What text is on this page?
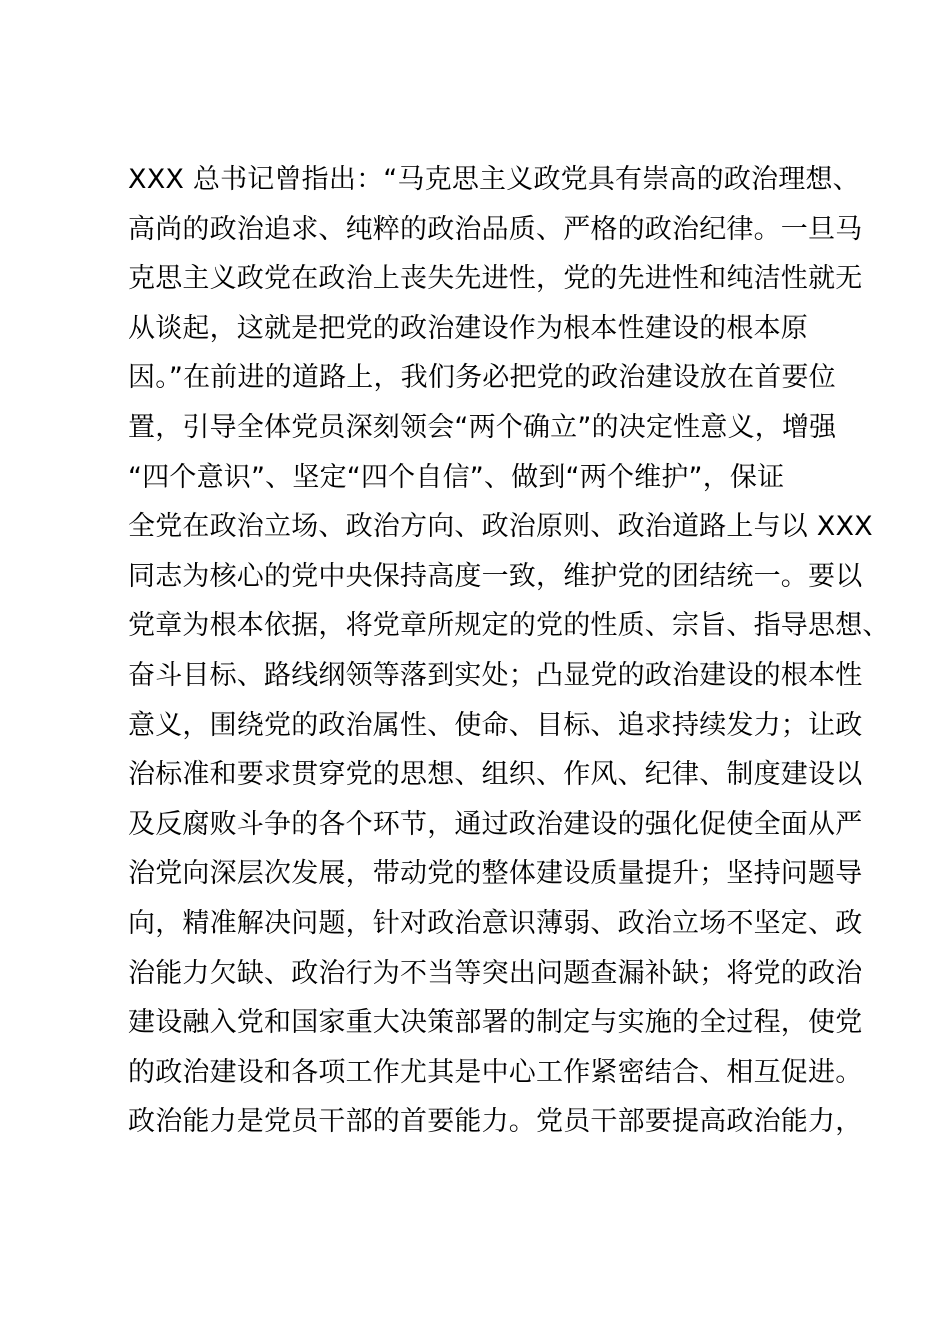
XXX 总书记曾指出：“马克思主义政党具有崇高的政治理想、
高尚的政治追求、纯粹的政治品质、严格的政治纪律。一旦马
克思主义政党在政治上丧失先进性，党的先进性和纯洁性就无
从谈起，这就是把党的政治建设作为根本性建设的根本原
因。”在前进的道路上，我们务必把党的政治建设放在首要位
置，引导全体党员深刻领会“两个确立”的决定性意义，增强
“四个意识”、坚定“四个自信”、做到“两个维护”，保证
全党在政治立场、政治方向、政治原则、政治道路上与以 XXX
同志为核心的党中央保持高度一致，维护党的团结统一。要以
党章为根本依据，将党章所规定的党的性质、宗旨、指导思想、
奋斗目标、路线纲领等落到实处；凸显党的政治建设的根本性
意义，围绕党的政治属性、使命、目标、追求持续发力；让政
治标准和要求贯穿党的思想、组织、作风、纪律、制度建设以
及反腐败斗争的各个环节，通过政治建设的强化促使全面从严
治党向深层次发展，带动党的整体建设质量提升；坚持问题导
向，精准解决问题，针对政治意识薄弱、政治立场不坚定、政
治能力欠缺、政治行为不当等突出问题查漏补缺；将党的政治
建设融入党和国家重大决策部署的制定与实施的全过程，使党
的政治建设和各项工作尤其是中心工作紧密结合、相互促进。
政治能力是党员干部的首要能力。党员干部要提高政治能力，
